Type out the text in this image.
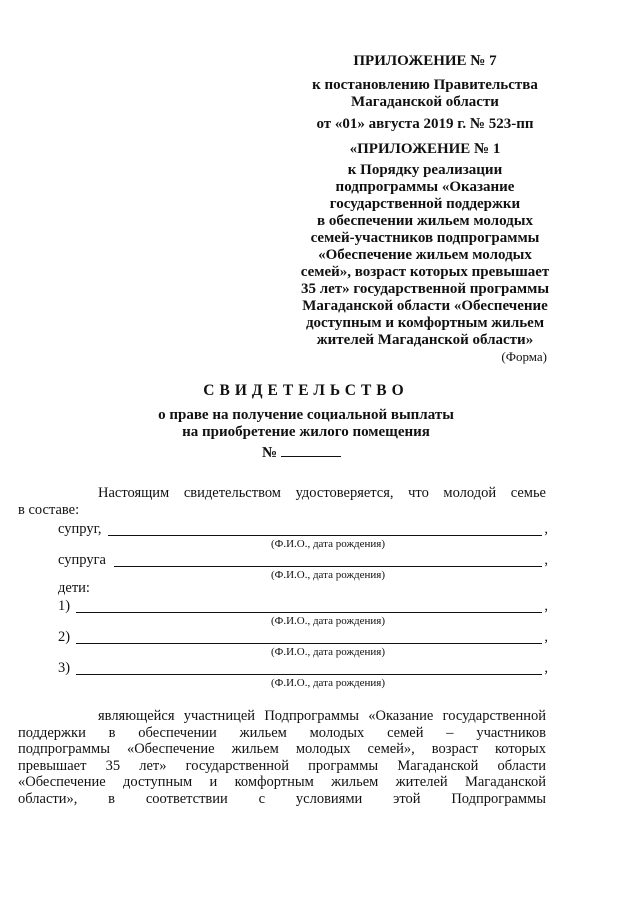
ПРИЛОЖЕНИЕ № 7
к постановлению Правительства
Магаданской области
от «01» августа 2019 г. № 523-пп
«ПРИЛОЖЕНИЕ № 1
к Порядку реализации
подпрограммы «Оказание
государственной поддержки
в обеспечении жильем молодых
семей-участников подпрограммы
«Обеспечение жильем молодых
семей», возраст которых превышает
35 лет» государственной программы
Магаданской области «Обеспечение
доступным и комфортным жильем
жителей Магаданской области»
(Форма)
СВИДЕТЕЛЬСТВО
о праве на получение социальной выплаты
на приобретение жилого помещения
№
Настоящим свидетельством удостоверяется, что молодой семье
в составе:
супруг,	,
(Ф.И.О., дата рождения)
супруга	,
(Ф.И.О., дата рождения)
дети:
1)	,
(Ф.И.О., дата рождения)
2)	,
(Ф.И.О., дата рождения)
3)	,
(Ф.И.О., дата рождения)
являющейся участницей Подпрограммы «Оказание государственной
поддержки в обеспечении жильем молодых семей – участников
подпрограммы «Обеспечение жильем молодых семей», возраст которых
превышает 35 лет» государственной программы Магаданской области
«Обеспечение доступным и комфортным жильем жителей Магаданской
области», в соответствии с условиями этой Подпрограммы
